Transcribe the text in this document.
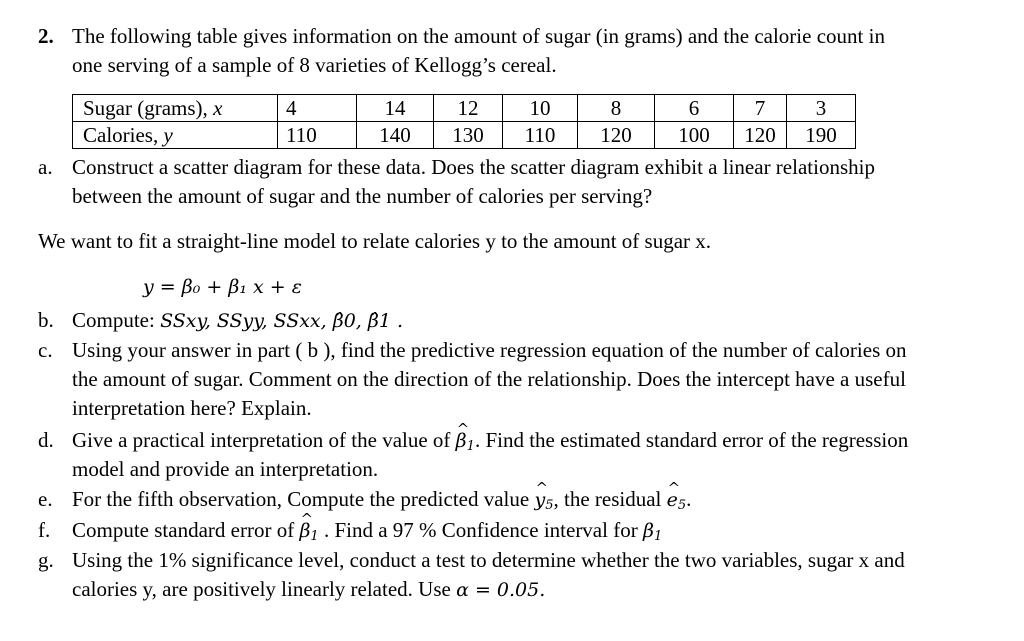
2. The following table gives information on the amount of sugar (in grams) and the calorie count in
one serving of a sample of 8 varieties of Kellogg’s cereal.
Sugar (grams), x	4	14	12	10	8	6	7	3
Calories, y	110	140	130	110	120	100	120	190
a. Construct a scatter diagram for these data. Does the scatter diagram exhibit a linear relationship
between the amount of sugar and the number of calories per serving?
We want to fit a straight-line model to relate calories y to the amount of sugar x.
y = β₀ + β₁ x + ε
b. Compute: SSxy, SSyy, SSxx, β̂0, β̂1 .
c. Using your answer in part ( b ), find the predictive regression equation of the number of calories on
the amount of sugar. Comment on the direction of the relationship. Does the intercept have a useful
interpretation here? Explain.
d. Give a practical interpretation of the value of ^ $\beta_1$. Find the estimated standard error of the regression
model and provide an interpretation.
e. For the fifth observation, Compute the predicted value ^ $y_5$, the residual ^ $e_5$.
f. Compute standard error of ^ $\beta_1$ . Find a 97 % Confidence interval for $\beta_1$
g. Using the 1% significance level, conduct a test to determine whether the two variables, sugar x and
calories y, are positively linearly related. Use α = 0.05.
